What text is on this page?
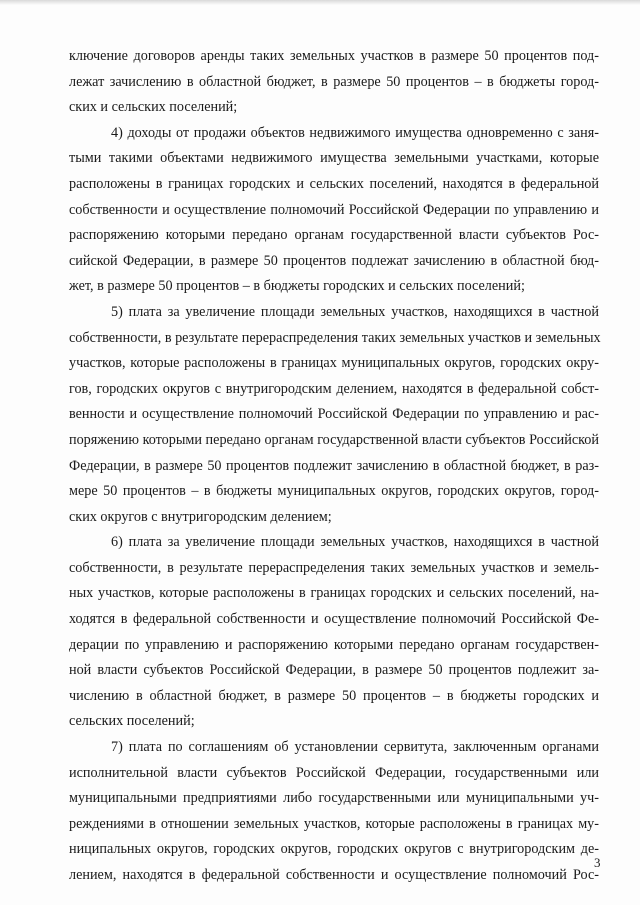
ключение договоров аренды таких земельных участков в размере 50 процентов под-
лежат зачислению в областной бюджет, в размере 50 процентов – в бюджеты город-
ских и сельских поселений;
4) доходы от продажи объектов недвижимого имущества одновременно с заня-
тыми такими объектами недвижимого имущества земельными участками, которые
расположены в границах городских и сельских поселений, находятся в федеральной
собственности и осуществление полномочий Российской Федерации по управлению и
распоряжению которыми передано органам государственной власти субъектов Рос-
сийской Федерации, в размере 50 процентов подлежат зачислению в областной бюд-
жет, в размере 50 процентов – в бюджеты городских и сельских поселений;
5) плата за увеличение площади земельных участков, находящихся в частной
собственности, в результате перераспределения таких земельных участков и земельных
участков, которые расположены в границах муниципальных округов, городских окру-
гов, городских округов с внутригородским делением, находятся в федеральной собст-
венности и осуществление полномочий Российской Федерации по управлению и рас-
поряжению которыми передано органам государственной власти субъектов Российской
Федерации, в размере 50 процентов подлежит зачислению в областной бюджет, в раз-
мере 50 процентов – в бюджеты муниципальных округов, городских округов, город-
ских округов с внутригородским делением;
6) плата за увеличение площади земельных участков, находящихся в частной
собственности, в результате перераспределения таких земельных участков и земель-
ных участков, которые расположены в границах городских и сельских поселений, на-
ходятся в федеральной собственности и осуществление полномочий Российской Фе-
дерации по управлению и распоряжению которыми передано органам государствен-
ной власти субъектов Российской Федерации, в размере 50 процентов подлежит за-
числению в областной бюджет, в размере 50 процентов – в бюджеты городских и
сельских поселений;
7) плата по соглашениям об установлении сервитута, заключенным органами
исполнительной власти субъектов Российской Федерации, государственными или
муниципальными предприятиями либо государственными или муниципальными уч-
реждениями в отношении земельных участков, которые расположены в границах му-
ниципальных округов, городских округов, городских округов с внутригородским де-
лением, находятся в федеральной собственности и осуществление полномочий Рос-
3
